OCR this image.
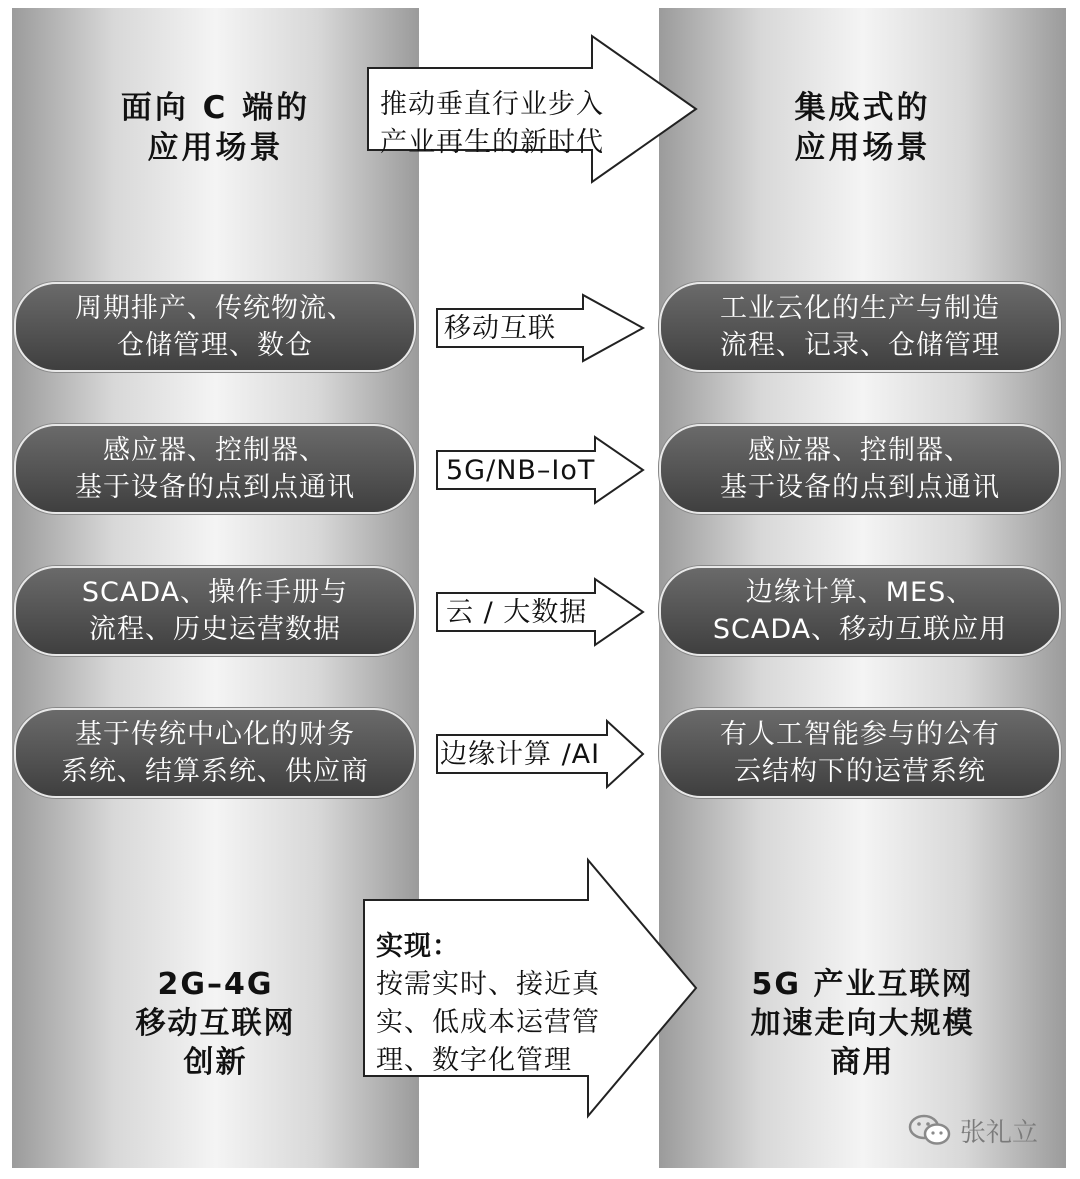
面向 C 端的
应用场景
集成式的
应用场景
推动垂直行业步入
产业再生的新时代
周期排产、传统物流、
仓储管理、数仓
移动互联
工业云化的生产与制造
流程、记录、仓储管理
感应器、控制器、
基于设备的点到点通讯
5G/NB–IoT
感应器、控制器、
基于设备的点到点通讯
SCADA、操作手册与
流程、历史运营数据
云 / 大数据
边缘计算、MES、
SCADA、移动互联应用
基于传统中心化的财务
系统、结算系统、供应商
边缘计算 /AI
有人工智能参与的公有
云结构下的运营系统
2G–4G
移动互联网
创新
实现：
按需实时、接近真
实、低成本运营管
理、数字化管理
5G 产业互联网
加速走向大规模
商用
张礼立
